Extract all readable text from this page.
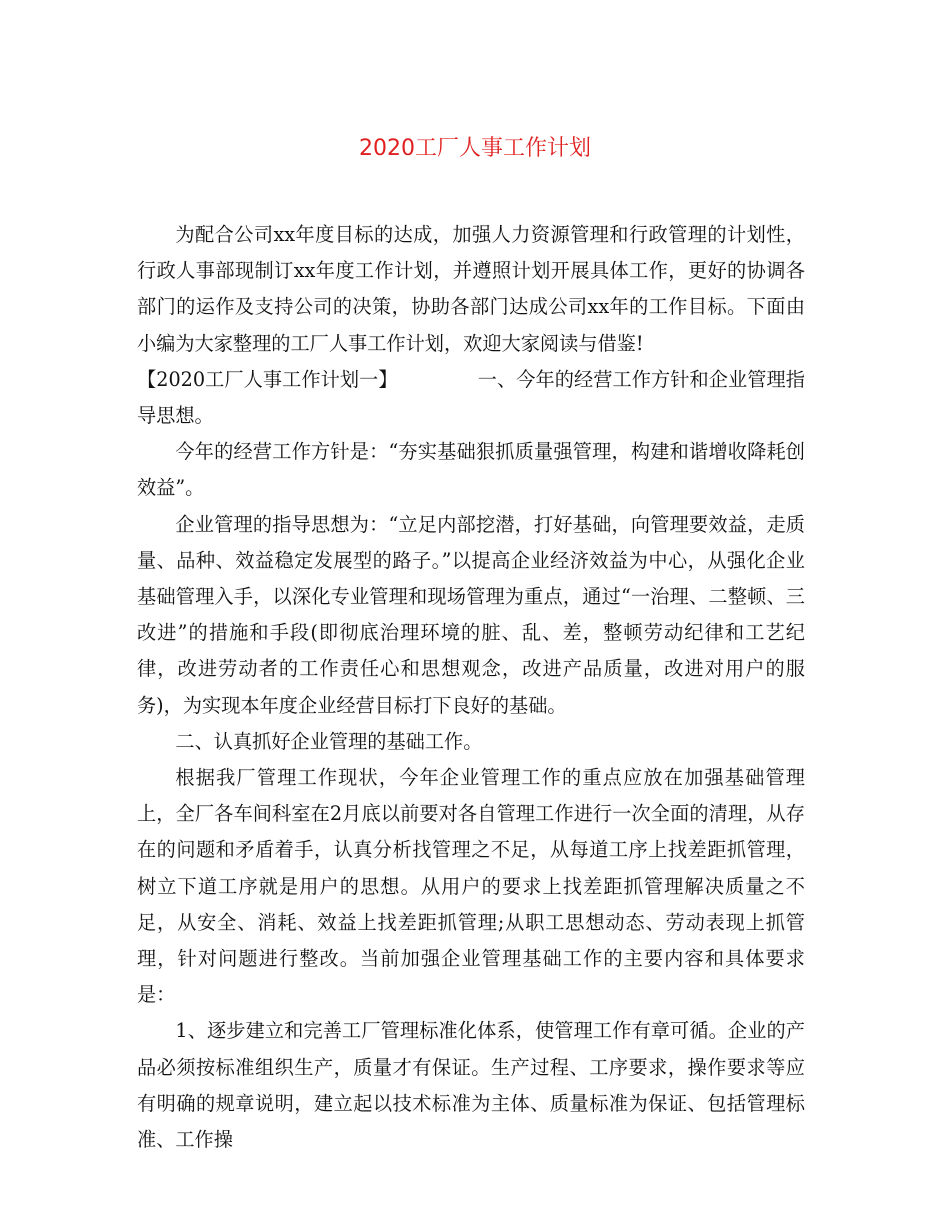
2020工厂人事工作计划

为配合公司xx年度目标的达成，加强人力资源管理和行政管理的计划性，行政人事部现制订xx年度工作计划，并遵照计划开展具体工作，更好的协调各部门的运作及支持公司的决策，协助各部门达成公司xx年的工作目标。下面由小编为大家整理的工厂人事工作计划，欢迎大家阅读与借鉴!

【2020工厂人事工作计划一】	一、今年的经营工作方针和企业管理指导思想。

今年的经营工作方针是：“夯实基础狠抓质量强管理，构建和谐增收降耗创效益”。

企业管理的指导思想为：“立足内部挖潜，打好基础，向管理要效益，走质量、品种、效益稳定发展型的路子。”以提高企业经济效益为中心，从强化企业基础管理入手，以深化专业管理和现场管理为重点，通过“一治理、二整顿、三改进”的措施和手段(即彻底治理环境的脏、乱、差，整顿劳动纪律和工艺纪律，改进劳动者的工作责任心和思想观念，改进产品质量，改进对用户的服务)，为实现本年度企业经营目标打下良好的基础。

二、认真抓好企业管理的基础工作。

根据我厂管理工作现状，今年企业管理工作的重点应放在加强基础管理上，全厂各车间科室在2月底以前要对各自管理工作进行一次全面的清理，从存在的问题和矛盾着手，认真分析找管理之不足，从每道工序上找差距抓管理，树立下道工序就是用户的思想。从用户的要求上找差距抓管理解决质量之不足，从安全、消耗、效益上找差距抓管理;从职工思想动态、劳动表现上抓管理，针对问题进行整改。当前加强企业管理基础工作的主要内容和具体要求是：

1、逐步建立和完善工厂管理标准化体系，使管理工作有章可循。企业的产品必须按标准组织生产，质量才有保证。生产过程、工序要求，操作要求等应有明确的规章说明，建立起以技术标准为主体、质量标准为保证、包括管理标准、工作操
